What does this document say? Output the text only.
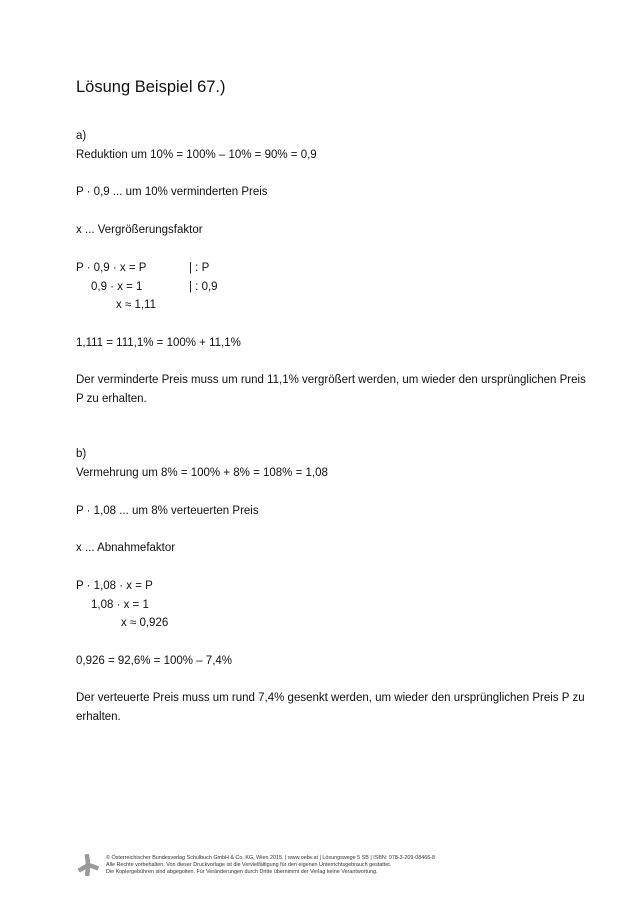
Lösung Beispiel 67.)
a)
Reduktion um 10% = 100% – 10% = 90% = 0,9
P · 0,9 ... um 10% verminderten Preis
x ... Vergrößerungsfaktor
P · 0,9 · x = P	| : P
0,9 · x = 1	| : 0,9
x ≈ 1,11
1,111 = 111,1% = 100% + 11,1%
Der verminderte Preis muss um rund 11,1% vergrößert werden, um wieder den ursprünglichen Preis P zu erhalten.
b)
Vermehrung um 8% = 100% + 8% = 108% = 1,08
P · 1,08 ... um 8% verteuerten Preis
x ... Abnahmefaktor
P · 1,08 · x = P
1,08 · x = 1
x ≈ 0,926
0,926 = 92,6% = 100% – 7,4%
Der verteuerte Preis muss um rund 7,4% gesenkt werden, um wieder den ursprünglichen Preis P zu erhalten.
© Österreichischer Bundesverlag Schulbuch GmbH & Co. KG, Wien 2015. | www.oebv.at | Lösungswege 5 SB | ISBN: 978-3-209-08466-8
Alle Rechte vorbehalten. Von dieser Druckvorlage ist die Vervielfältigung für den eigenen Unterrichtsgebrauch gestattet.
Die Kopiergebühren sind abgegolten. Für Veränderungen durch Dritte übernimmt der Verlag keine Verantwortung.
